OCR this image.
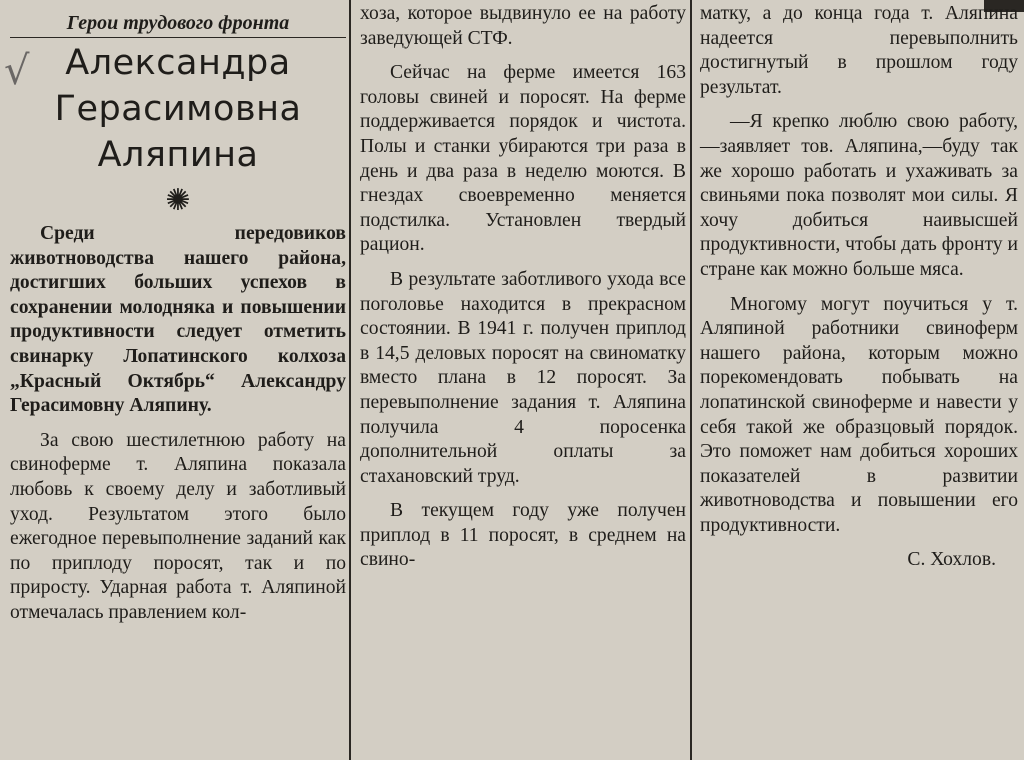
√
Герои трудового фронта
Александра
Герасимовна
Аляпина
✺

Среди передовиков животноводства нашего района, достигших больших успехов в сохранении молодняка и повышении продуктивности следует отметить свинарку Лопатинского колхоза „Красный Октябрь“ Александру Герасимовну Аляпину.

За свою шестилетнюю работу на свиноферме т. Аляпина показала любовь к своему делу и заботливый уход. Результатом этого было ежегодное перевыполнение заданий как по приплоду поросят, так и по приросту. Ударная работа т. Аляпиной отмечалась правлением кол-

хоза, которое выдвинуло ее на работу заведующей СТФ.

Сейчас на ферме имеется 163 головы свиней и поросят. На ферме поддерживается порядок и чистота. Полы и станки убираются три раза в день и два раза в неделю моются. В гнездах своевременно меняется подстилка. Установлен твердый рацион.

В результате заботливого ухода все поголовье находится в прекрасном состоянии. В 1941 г. получен приплод в 14,5 деловых поросят на свиноматку вместо плана в 12 поросят. За перевыполнение задания т. Аляпина получила 4 поросенка дополнительной оплаты за стахановский труд.

В текущем году уже получен приплод в 11 поросят, в среднем на свино-

матку, а до конца года т. Аляпина надеется перевыполнить достигнутый в прошлом году результат.

—Я крепко люблю свою работу,—заявляет тов. Аляпина,—буду так же хорошо работать и ухаживать за свиньями пока позволят мои силы. Я хочу добиться наивысшей продуктивности, чтобы дать фронту и стране как можно больше мяса.

Многому могут поучиться у т. Аляпиной работники свиноферм нашего района, которым можно порекомендовать побывать на лопатинской свиноферме и навести у себя такой же образцовый порядок. Это поможет нам добиться хороших показателей в развитии животноводства и повышении его продуктивности.

С. Хохлов.
